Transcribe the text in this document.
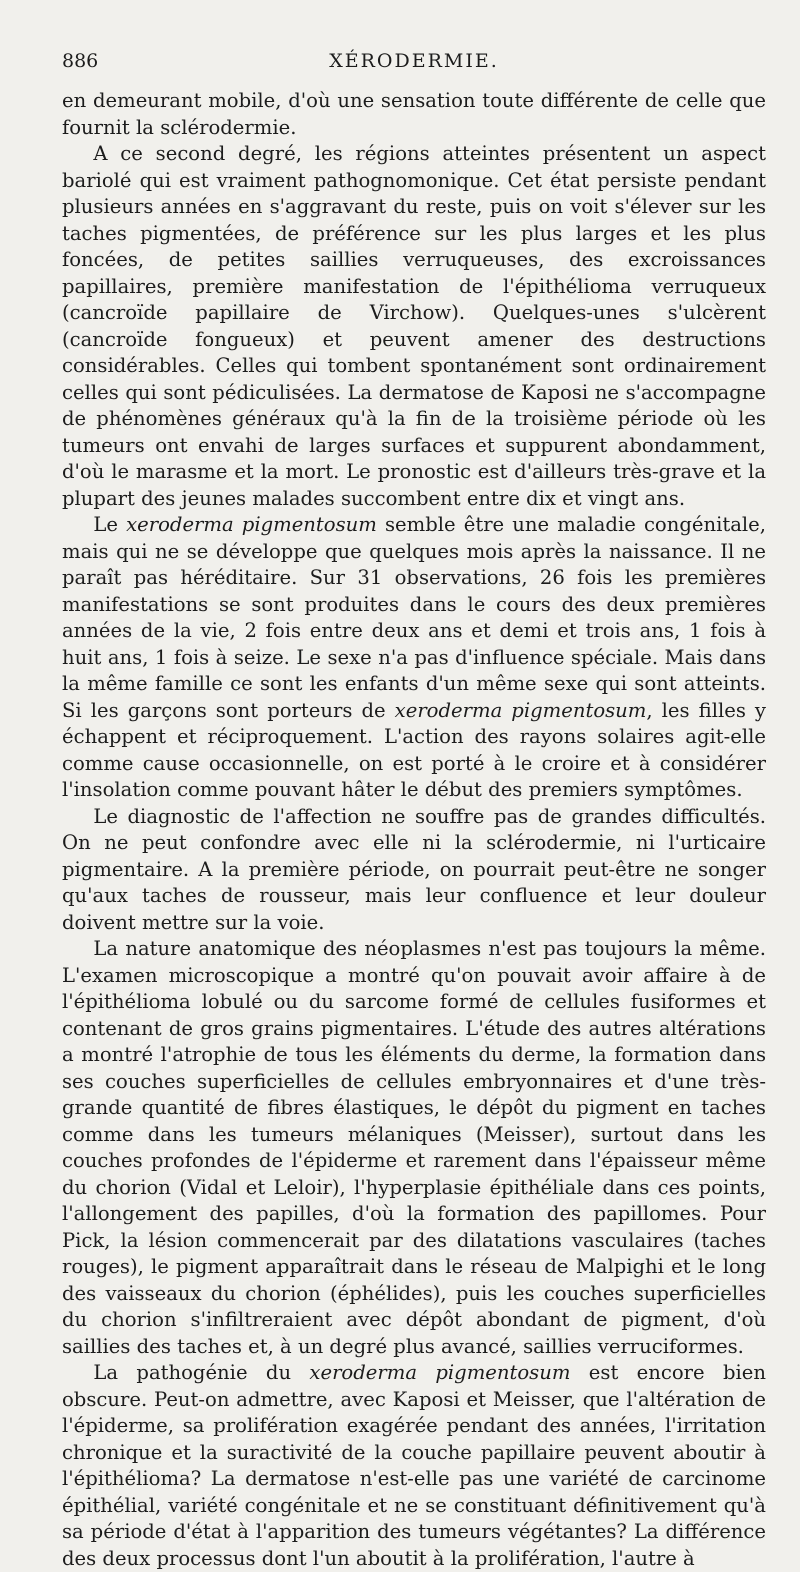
886	XÉRODERMIE.

en demeurant mobile, d'où une sensation toute différente de celle que fournit la sclérodermie.

A ce second degré, les régions atteintes présentent un aspect bariolé qui est vraiment pathognomonique. Cet état persiste pendant plusieurs années en s'aggravant du reste, puis on voit s'élever sur les taches pigmentées, de préférence sur les plus larges et les plus foncées, de petites saillies verruqueuses, des excroissances papillaires, première manifestation de l'épithélioma verruqueux (cancroïde papillaire de Virchow). Quelques-unes s'ulcèrent (cancroïde fongueux) et peuvent amener des destructions considérables. Celles qui tombent spontanément sont ordinairement celles qui sont pédiculisées. La dermatose de Kaposi ne s'accompagne de phénomènes généraux qu'à la fin de la troisième période où les tumeurs ont envahi de larges surfaces et suppurent abondamment, d'où le marasme et la mort. Le pronostic est d'ailleurs très-grave et la plupart des jeunes malades succombent entre dix et vingt ans.

Le xeroderma pigmentosum semble être une maladie congénitale, mais qui ne se développe que quelques mois après la naissance. Il ne paraît pas héréditaire. Sur 31 observations, 26 fois les premières manifestations se sont produites dans le cours des deux premières années de la vie, 2 fois entre deux ans et demi et trois ans, 1 fois à huit ans, 1 fois à seize. Le sexe n'a pas d'influence spéciale. Mais dans la même famille ce sont les enfants d'un même sexe qui sont atteints. Si les garçons sont porteurs de xeroderma pigmentosum, les filles y échappent et réciproquement. L'action des rayons solaires agit-elle comme cause occasionnelle, on est porté à le croire et à considérer l'insolation comme pouvant hâter le début des premiers symptômes.

Le diagnostic de l'affection ne souffre pas de grandes difficultés. On ne peut confondre avec elle ni la sclérodermie, ni l'urticaire pigmentaire. A la première période, on pourrait peut-être ne songer qu'aux taches de rousseur, mais leur confluence et leur douleur doivent mettre sur la voie.

La nature anatomique des néoplasmes n'est pas toujours la même. L'examen microscopique a montré qu'on pouvait avoir affaire à de l'épithélioma lobulé ou du sarcome formé de cellules fusiformes et contenant de gros grains pigmentaires. L'étude des autres altérations a montré l'atrophie de tous les éléments du derme, la formation dans ses couches superficielles de cellules embryonnaires et d'une très-grande quantité de fibres élastiques, le dépôt du pigment en taches comme dans les tumeurs mélaniques (Meisser), surtout dans les couches profondes de l'épiderme et rarement dans l'épaisseur même du chorion (Vidal et Leloir), l'hyperplasie épithéliale dans ces points, l'allongement des papilles, d'où la formation des papillomes. Pour Pick, la lésion commencerait par des dilatations vasculaires (taches rouges), le pigment apparaîtrait dans le réseau de Malpighi et le long des vaisseaux du chorion (éphélides), puis les couches superficielles du chorion s'infiltreraient avec dépôt abondant de pigment, d'où saillies des taches et, à un degré plus avancé, saillies verruciformes.

La pathogénie du xeroderma pigmentosum est encore bien obscure. Peut-on admettre, avec Kaposi et Meisser, que l'altération de l'épiderme, sa prolifération exagérée pendant des années, l'irritation chronique et la suractivité de la couche papillaire peuvent aboutir à l'épithélioma? La dermatose n'est-elle pas une variété de carcinome épithélial, variété congénitale et ne se constituant définitivement qu'à sa période d'état à l'apparition des tumeurs végétantes? La différence des deux processus dont l'un aboutit à la prolifération, l'autre à
